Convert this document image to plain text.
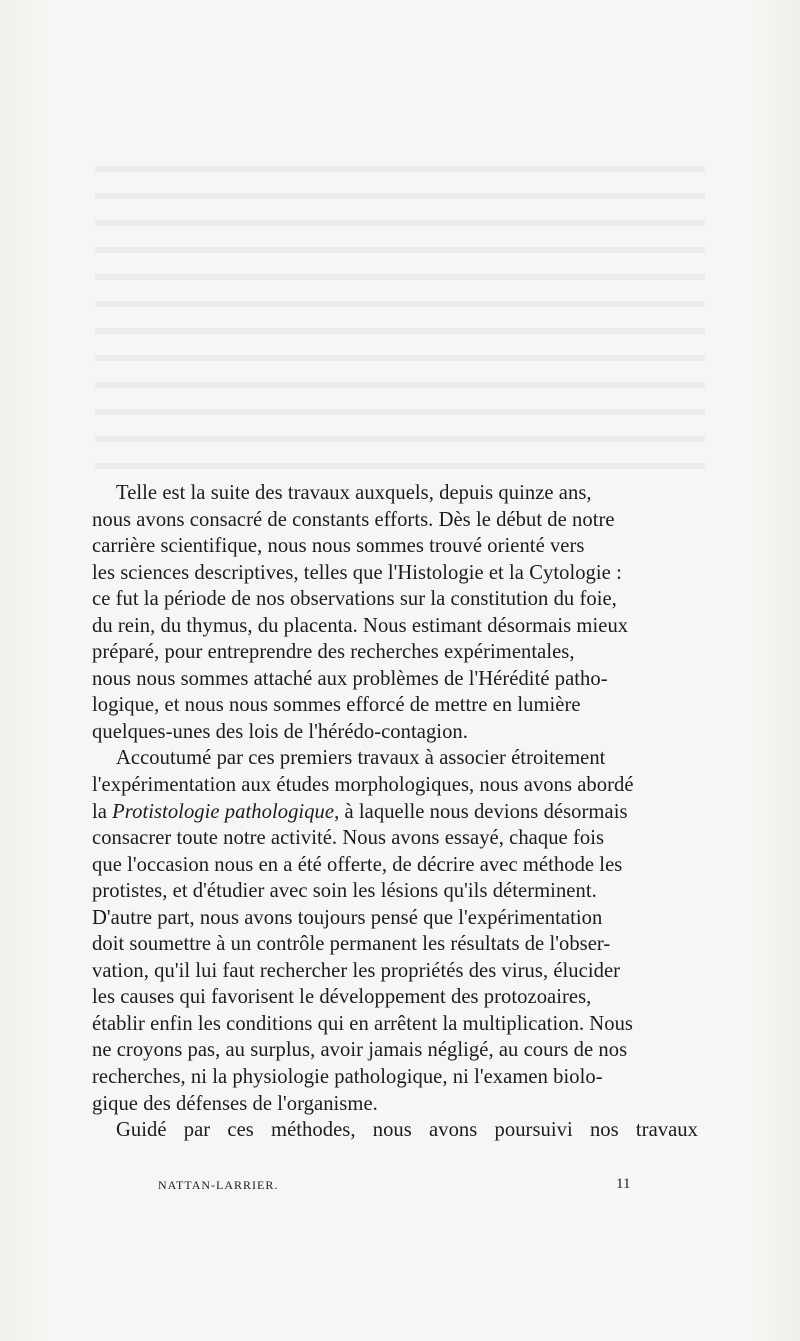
Telle est la suite des travaux auxquels, depuis quinze ans,
nous avons consacré de constants efforts. Dès le début de notre
carrière scientifique, nous nous sommes trouvé orienté vers
les sciences descriptives, telles que l'Histologie et la Cytologie :
ce fut la période de nos observations sur la constitution du foie,
du rein, du thymus, du placenta. Nous estimant désormais mieux
préparé, pour entreprendre des recherches expérimentales,
nous nous sommes attaché aux problèmes de l'Hérédité patho-
logique, et nous nous sommes efforcé de mettre en lumière
quelques-unes des lois de l'hérédo-contagion.

Accoutumé par ces premiers travaux à associer étroitement
l'expérimentation aux études morphologiques, nous avons abordé
la Protistologie pathologique, à laquelle nous devions désormais
consacrer toute notre activité. Nous avons essayé, chaque fois
que l'occasion nous en a été offerte, de décrire avec méthode les
protistes, et d'étudier avec soin les lésions qu'ils déterminent.
D'autre part, nous avons toujours pensé que l'expérimentation
doit soumettre à un contrôle permanent les résultats de l'obser-
vation, qu'il lui faut rechercher les propriétés des virus, élucider
les causes qui favorisent le développement des protozoaires,
établir enfin les conditions qui en arrêtent la multiplication. Nous
ne croyons pas, au surplus, avoir jamais négligé, au cours de nos
recherches, ni la physiologie pathologique, ni l'examen biolo-
gique des défenses de l'organisme.

Guidé par ces méthodes, nous avons poursuivi nos travaux

NATTAN-LARRIER.	11
